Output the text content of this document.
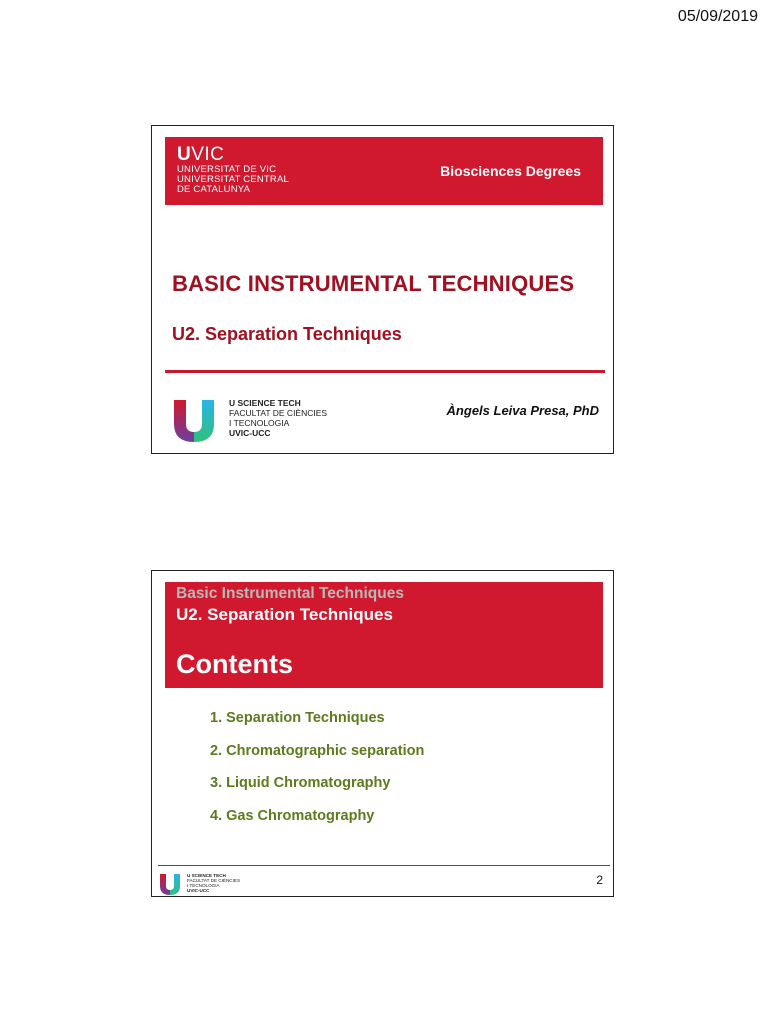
05/09/2019
UVIC
UNIVERSITAT DE VIC
UNIVERSITAT CENTRAL
DE CATALUNYA
Biosciences Degrees
BASIC INSTRUMENTAL TECHNIQUES
U2. Separation Techniques
U SCIENCE TECH
FACULTAT DE CIÈNCIES
I TECNOLOGIA
UVIC-UCC
Àngels Leiva Presa, PhD
Basic Instrumental Techniques
U2. Separation Techniques
Contents
1. Separation Techniques
2. Chromatographic separation
3. Liquid Chromatography
4. Gas Chromatography
U SCIENCE TECH
FACULTAT DE CIÈNCIES
I TECNOLOGIA
UVIC-UCC
2
